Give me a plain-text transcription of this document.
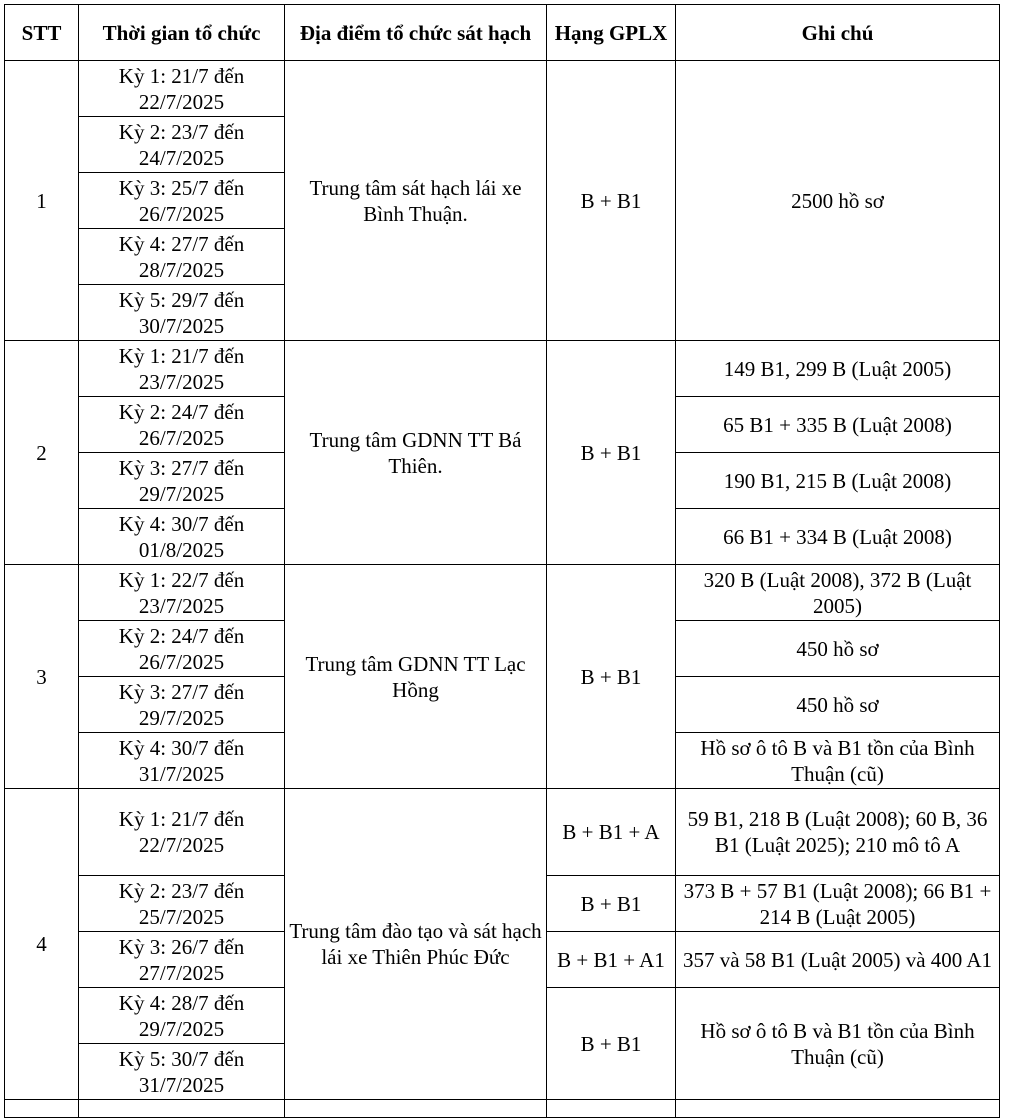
STT	Thời gian tổ chức	Địa điểm tổ chức sát hạch	Hạng GPLX	Ghi chú
1	Kỳ 1: 21/7 đến 22/7/2025	Trung tâm sát hạch lái xe Bình Thuận.	B + B1	2500 hồ sơ
	Kỳ 2: 23/7 đến 24/7/2025			
	Kỳ 3: 25/7 đến 26/7/2025			
	Kỳ 4: 27/7 đến 28/7/2025			
	Kỳ 5: 29/7 đến 30/7/2025			
2	Kỳ 1: 21/7 đến 23/7/2025	Trung tâm GDNN TT Bá Thiên.	B + B1	149 B1, 299 B (Luật 2005)
	Kỳ 2: 24/7 đến 26/7/2025			65 B1 + 335 B (Luật 2008)
	Kỳ 3: 27/7 đến 29/7/2025			190 B1, 215 B (Luật 2008)
	Kỳ 4: 30/7 đến 01/8/2025			66 B1 + 334 B (Luật 2008)
3	Kỳ 1: 22/7 đến 23/7/2025	Trung tâm GDNN TT Lạc Hồng	B + B1	320 B (Luật 2008), 372 B (Luật 2005)
	Kỳ 2: 24/7 đến 26/7/2025			450 hồ sơ
	Kỳ 3: 27/7 đến 29/7/2025			450 hồ sơ
	Kỳ 4: 30/7 đến 31/7/2025			Hồ sơ ô tô B và B1 tồn của Bình Thuận (cũ)
4	Kỳ 1: 21/7 đến 22/7/2025	Trung tâm đào tạo và sát hạch lái xe Thiên Phúc Đức	B + B1 + A	59 B1, 218 B (Luật 2008); 60 B, 36 B1 (Luật 2025); 210 mô tô A
	Kỳ 2: 23/7 đến 25/7/2025		B + B1	373 B + 57 B1 (Luật 2008); 66 B1 + 214 B (Luật 2005)
	Kỳ 3: 26/7 đến 27/7/2025		B + B1 + A1	357 và 58 B1 (Luật 2005) và 400 A1
	Kỳ 4: 28/7 đến 29/7/2025		B + B1	Hồ sơ ô tô B và B1 tồn của Bình Thuận (cũ)
	Kỳ 5: 30/7 đến 31/7/2025			
